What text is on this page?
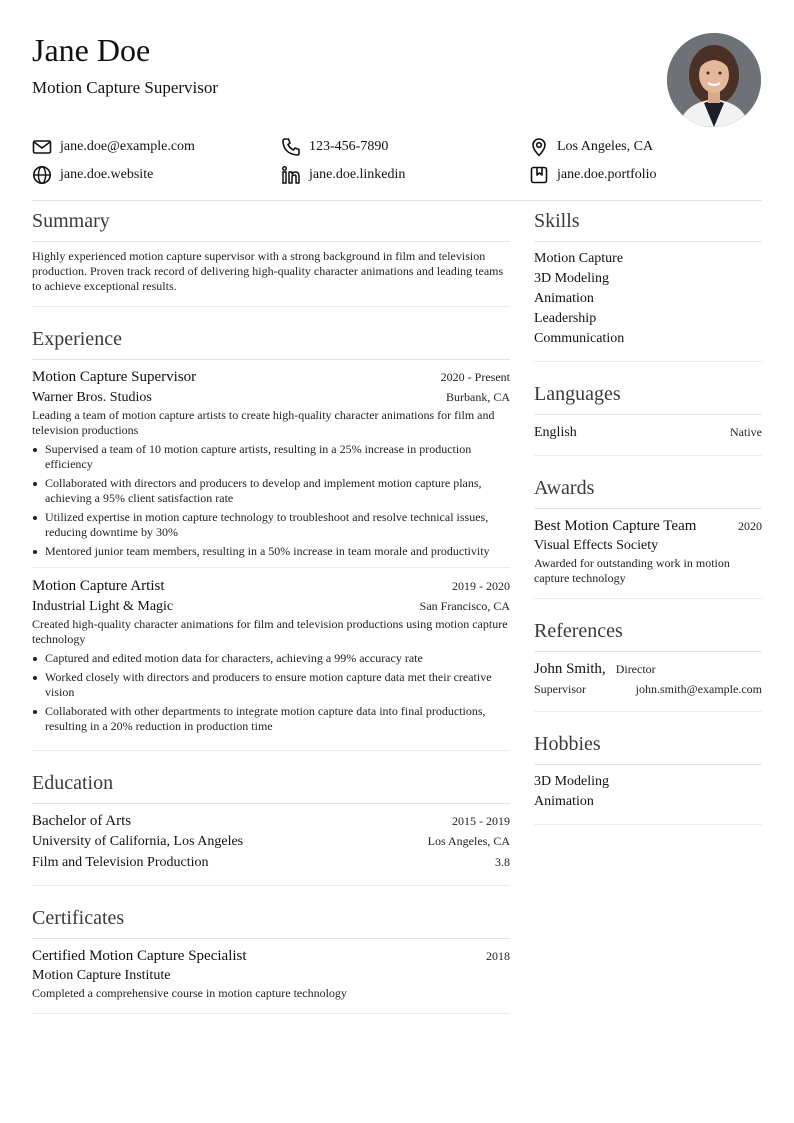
Jane Doe
Motion Capture Supervisor
jane.doe@example.com	123-456-7890	Los Angeles, CA
jane.doe.website	jane.doe.linkedin	jane.doe.portfolio
Summary
Highly experienced motion capture supervisor with a strong background in film and television production. Proven track record of delivering high-quality character animations and leading teams to achieve exceptional results.
Experience
Motion Capture Supervisor	2020 - Present
Warner Bros. Studios	Burbank, CA
Leading a team of motion capture artists to create high-quality character animations for film and television productions
Supervised a team of 10 motion capture artists, resulting in a 25% increase in production efficiency
Collaborated with directors and producers to develop and implement motion capture plans, achieving a 95% client satisfaction rate
Utilized expertise in motion capture technology to troubleshoot and resolve technical issues, reducing downtime by 30%
Mentored junior team members, resulting in a 50% increase in team morale and productivity
Motion Capture Artist	2019 - 2020
Industrial Light & Magic	San Francisco, CA
Created high-quality character animations for film and television productions using motion capture technology
Captured and edited motion data for characters, achieving a 99% accuracy rate
Worked closely with directors and producers to ensure motion capture data met their creative vision
Collaborated with other departments to integrate motion capture data into final productions, resulting in a 20% reduction in production time
Education
Bachelor of Arts	2015 - 2019
University of California, Los Angeles	Los Angeles, CA
Film and Television Production	3.8
Certificates
Certified Motion Capture Specialist	2018
Motion Capture Institute
Completed a comprehensive course in motion capture technology
Skills
Motion Capture
3D Modeling
Animation
Leadership
Communication
Languages
English	Native
Awards
Best Motion Capture Team	2020
Visual Effects Society
Awarded for outstanding work in motion capture technology
References
John Smith, Director
Supervisor	john.smith@example.com
Hobbies
3D Modeling
Animation
